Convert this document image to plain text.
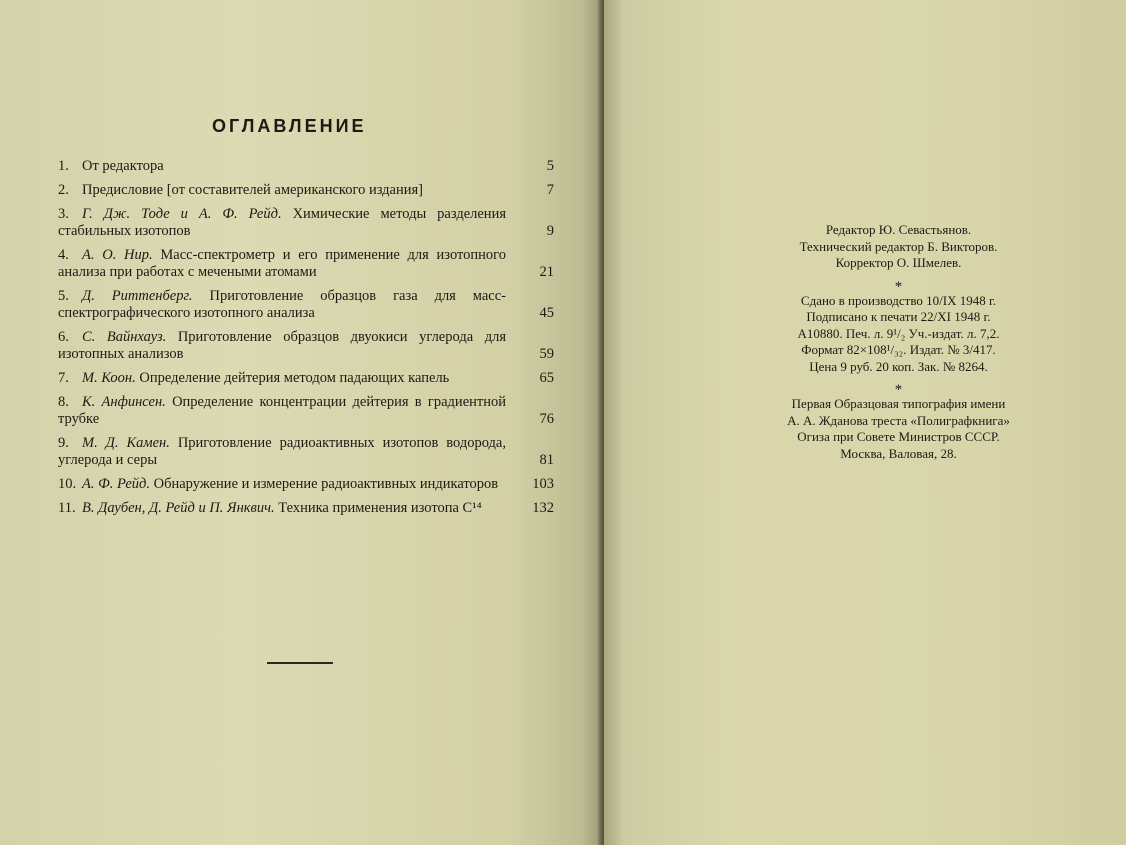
ОГЛАВЛЕНИЕ
1. От редактора	5
2. Предисловие [от составителей американского издания]	7
3. Г. Дж. Тоде и А. Ф. Рейд. Химические методы разделения стабильных изотопов	9
4. А. О. Нир. Масс-спектрометр и его применение для изотопного анализа при работах с мечеными атомами	21
5. Д. Риттенберг. Приготовление образцов газа для масс-спектрографического изотопного анализа	45
6. С. Вайнхауз. Приготовление образцов двуокиси углерода для изотопных анализов	59
7. М. Коон. Определение дейтерия методом падающих капель	65
8. К. Анфинсен. Определение концентрации дейтерия в градиентной трубке	76
9. М. Д. Камен. Приготовление радиоактивных изотопов водорода, углерода и серы	81
10. А. Ф. Рейд. Обнаружение и измерение радиоактивных индикаторов	103
11. В. Даубен, Д. Рейд и П. Янквич. Техника применения изотопа C¹⁴	132
Редактор Ю. Севастьянов.
Технический редактор Б. Викторов.
Корректор О. Шмелев.
*
Сдано в производство 10/IX 1948 г.
Подписано к печати 22/XI 1948 г.
А10880. Печ. л. 9¹/₂ Уч.-издат. л. 7,2.
Формат 82×108¹/₃₂. Издат. № 3/417.
Цена 9 руб. 20 коп. Зак. № 8264.
*
Первая Образцовая типография имени
А. А. Жданова треста «Полиграфкнига»
Огиза при Совете Министров СССР.
Москва, Валовая, 28.
